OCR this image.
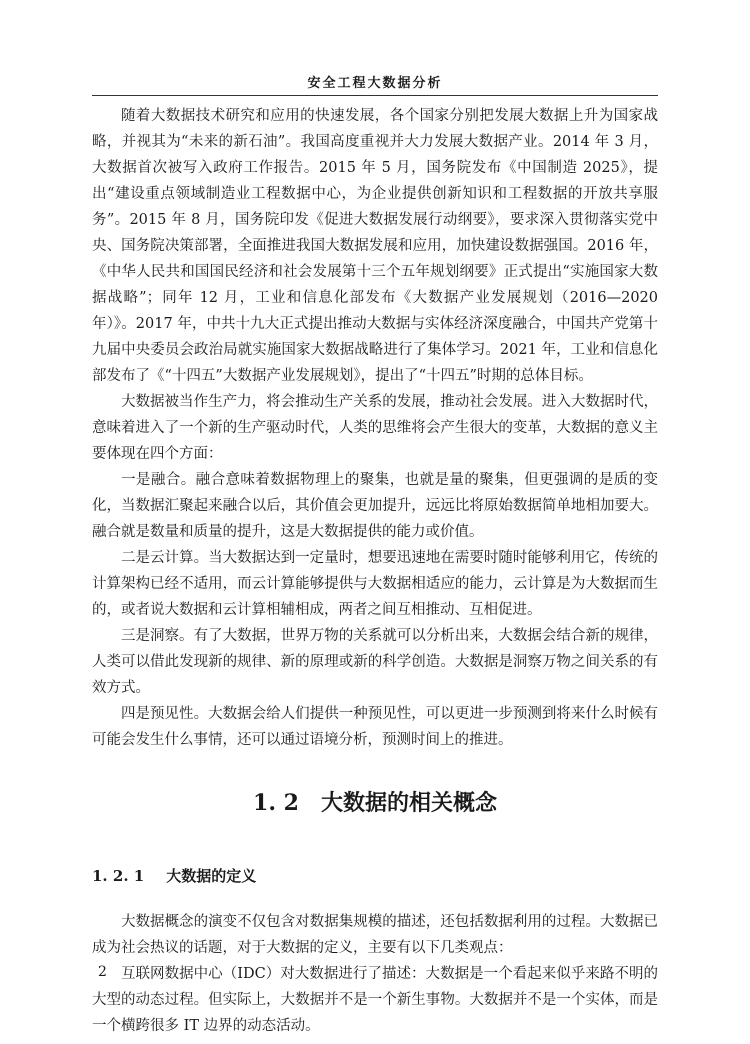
安全工程大数据分析

随着大数据技术研究和应用的快速发展，各个国家分别把发展大数据上升为国家战略，并视其为“未来的新石油”。我国高度重视并大力发展大数据产业。2014 年 3 月，大数据首次被写入政府工作报告。2015 年 5 月，国务院发布《中国制造 2025》，提出“建设重点领域制造业工程数据中心，为企业提供创新知识和工程数据的开放共享服务”。2015 年 8 月，国务院印发《促进大数据发展行动纲要》，要求深入贯彻落实党中央、国务院决策部署，全面推进我国大数据发展和应用，加快建设数据强国。2016 年，《中华人民共和国国民经济和社会发展第十三个五年规划纲要》正式提出“实施国家大数据战略”；同年 12 月，工业和信息化部发布《大数据产业发展规划（2016—2020 年）》。2017 年，中共十九大正式提出推动大数据与实体经济深度融合，中国共产党第十九届中央委员会政治局就实施国家大数据战略进行了集体学习。2021 年，工业和信息化部发布了《“十四五”大数据产业发展规划》，提出了“十四五”时期的总体目标。

大数据被当作生产力，将会推动生产关系的发展，推动社会发展。进入大数据时代，意味着进入了一个新的生产驱动时代，人类的思维将会产生很大的变革，大数据的意义主要体现在四个方面：

一是融合。融合意味着数据物理上的聚集，也就是量的聚集，但更强调的是质的变化，当数据汇聚起来融合以后，其价值会更加提升，远远比将原始数据简单地相加要大。融合就是数量和质量的提升，这是大数据提供的能力或价值。

二是云计算。当大数据达到一定量时，想要迅速地在需要时随时能够利用它，传统的计算架构已经不适用，而云计算能够提供与大数据相适应的能力，云计算是为大数据而生的，或者说大数据和云计算相辅相成，两者之间互相推动、互相促进。

三是洞察。有了大数据，世界万物的关系就可以分析出来，大数据会结合新的规律，人类可以借此发现新的规律、新的原理或新的科学创造。大数据是洞察万物之间关系的有效方式。

四是预见性。大数据会给人们提供一种预见性，可以更进一步预测到将来什么时候有可能会发生什么事情，还可以通过语境分析，预测时间上的推进。

1. 2 大数据的相关概念
1. 2. 1 大数据的定义

大数据概念的演变不仅包含对数据集规模的描述，还包括数据利用的过程。大数据已成为社会热议的话题，对于大数据的定义，主要有以下几类观点：

互联网数据中心（IDC）对大数据进行了描述：大数据是一个看起来似乎来路不明的大型的动态过程。但实际上，大数据并不是一个新生事物。大数据并不是一个实体，而是一个横跨很多 IT 边界的动态活动。

2
